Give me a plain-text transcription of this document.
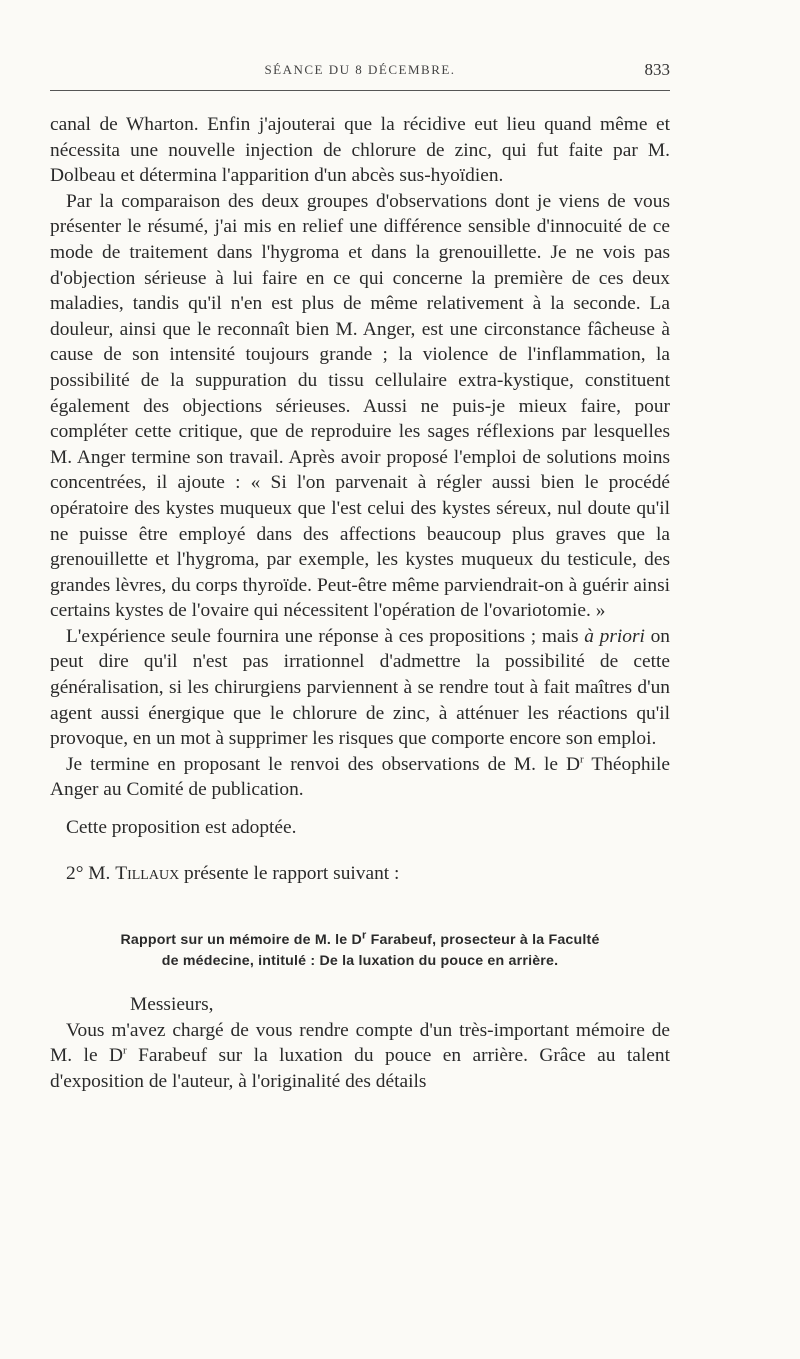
SÉANCE DU 8 DÉCEMBRE.	833

canal de Wharton. Enfin j'ajouterai que la récidive eut lieu quand même et nécessita une nouvelle injection de chlorure de zinc, qui fut faite par M. Dolbeau et détermina l'apparition d'un abcès sus-hyoïdien.

Par la comparaison des deux groupes d'observations dont je viens de vous présenter le résumé, j'ai mis en relief une différence sensible d'innocuité de ce mode de traitement dans l'hygroma et dans la grenouillette. Je ne vois pas d'objection sérieuse à lui faire en ce qui concerne la première de ces deux maladies, tandis qu'il n'en est plus de même relativement à la seconde. La douleur, ainsi que le reconnaît bien M. Anger, est une circonstance fâcheuse à cause de son intensité toujours grande ; la violence de l'inflammation, la possibilité de la suppuration du tissu cellulaire extra-kystique, constituent également des objections sérieuses. Aussi ne puis-je mieux faire, pour compléter cette critique, que de reproduire les sages réflexions par lesquelles M. Anger termine son travail. Après avoir proposé l'emploi de solutions moins concentrées, il ajoute : « Si l'on parvenait à régler aussi bien le procédé opératoire des kystes muqueux que l'est celui des kystes séreux, nul doute qu'il ne puisse être employé dans des affections beaucoup plus graves que la grenouillette et l'hygroma, par exemple, les kystes muqueux du testicule, des grandes lèvres, du corps thyroïde. Peut-être même parviendrait-on à guérir ainsi certains kystes de l'ovaire qui nécessitent l'opération de l'ovariotomie. »

L'expérience seule fournira une réponse à ces propositions ; mais à priori on peut dire qu'il n'est pas irrationnel d'admettre la possibilité de cette généralisation, si les chirurgiens parviennent à se rendre tout à fait maîtres d'un agent aussi énergique que le chlorure de zinc, à atténuer les réactions qu'il provoque, en un mot à supprimer les risques que comporte encore son emploi.

Je termine en proposant le renvoi des observations de M. le $D^r$ Théophile Anger au Comité de publication.

Cette proposition est adoptée.

2° M. Tillaux présente le rapport suivant :

Rapport sur un mémoire de M. le $D^r$ Farabeuf, prosecteur à la Faculté

de médecine, intitulé : De la luxation du pouce en arrière.

Messieurs,

Vous m'avez chargé de vous rendre compte d'un très-important mémoire de M. le $D^r$ Farabeuf sur la luxation du pouce en arrière. Grâce au talent d'exposition de l'auteur, à l'originalité des détails
